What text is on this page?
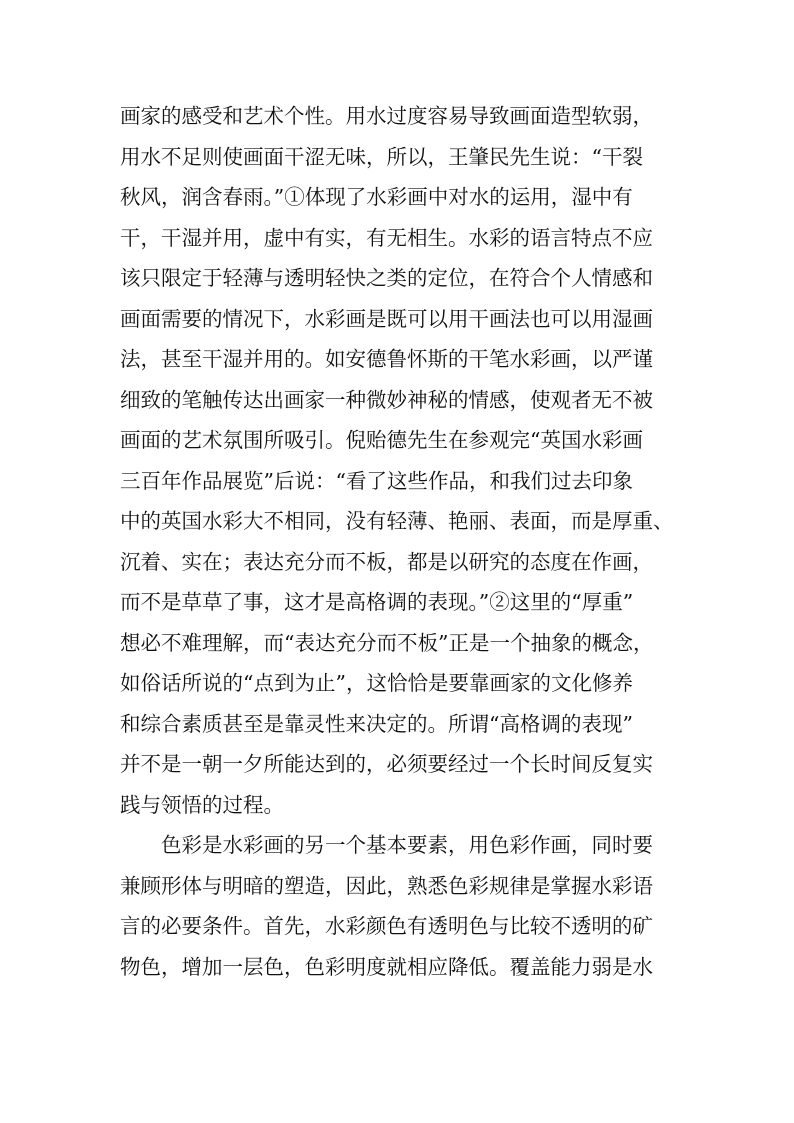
画家的感受和艺术个性。用水过度容易导致画面造型软弱，
用水不足则使画面干涩无味，所以，王肇民先生说：“干裂
秋风，润含春雨。”①体现了水彩画中对水的运用，湿中有
干，干湿并用，虚中有实，有无相生。水彩的语言特点不应
该只限定于轻薄与透明轻快之类的定位，在符合个人情感和
画面需要的情况下，水彩画是既可以用干画法也可以用湿画
法，甚至干湿并用的。如安德鲁怀斯的干笔水彩画，以严谨
细致的笔触传达出画家一种微妙神秘的情感，使观者无不被
画面的艺术氛围所吸引。倪贻德先生在参观完“英国水彩画
三百年作品展览”后说：“看了这些作品，和我们过去印象
中的英国水彩大不相同，没有轻薄、艳丽、表面，而是厚重、
沉着、实在；表达充分而不板，都是以研究的态度在作画，
而不是草草了事，这才是高格调的表现。”②这里的“厚重”
想必不难理解，而“表达充分而不板”正是一个抽象的概念，
如俗话所说的“点到为止”，这恰恰是要靠画家的文化修养
和综合素质甚至是靠灵性来决定的。所谓“高格调的表现”
并不是一朝一夕所能达到的，必须要经过一个长时间反复实
践与领悟的过程。
色彩是水彩画的另一个基本要素，用色彩作画，同时要
兼顾形体与明暗的塑造，因此，熟悉色彩规律是掌握水彩语
言的必要条件。首先，水彩颜色有透明色与比较不透明的矿
物色，增加一层色，色彩明度就相应降低。覆盖能力弱是水
